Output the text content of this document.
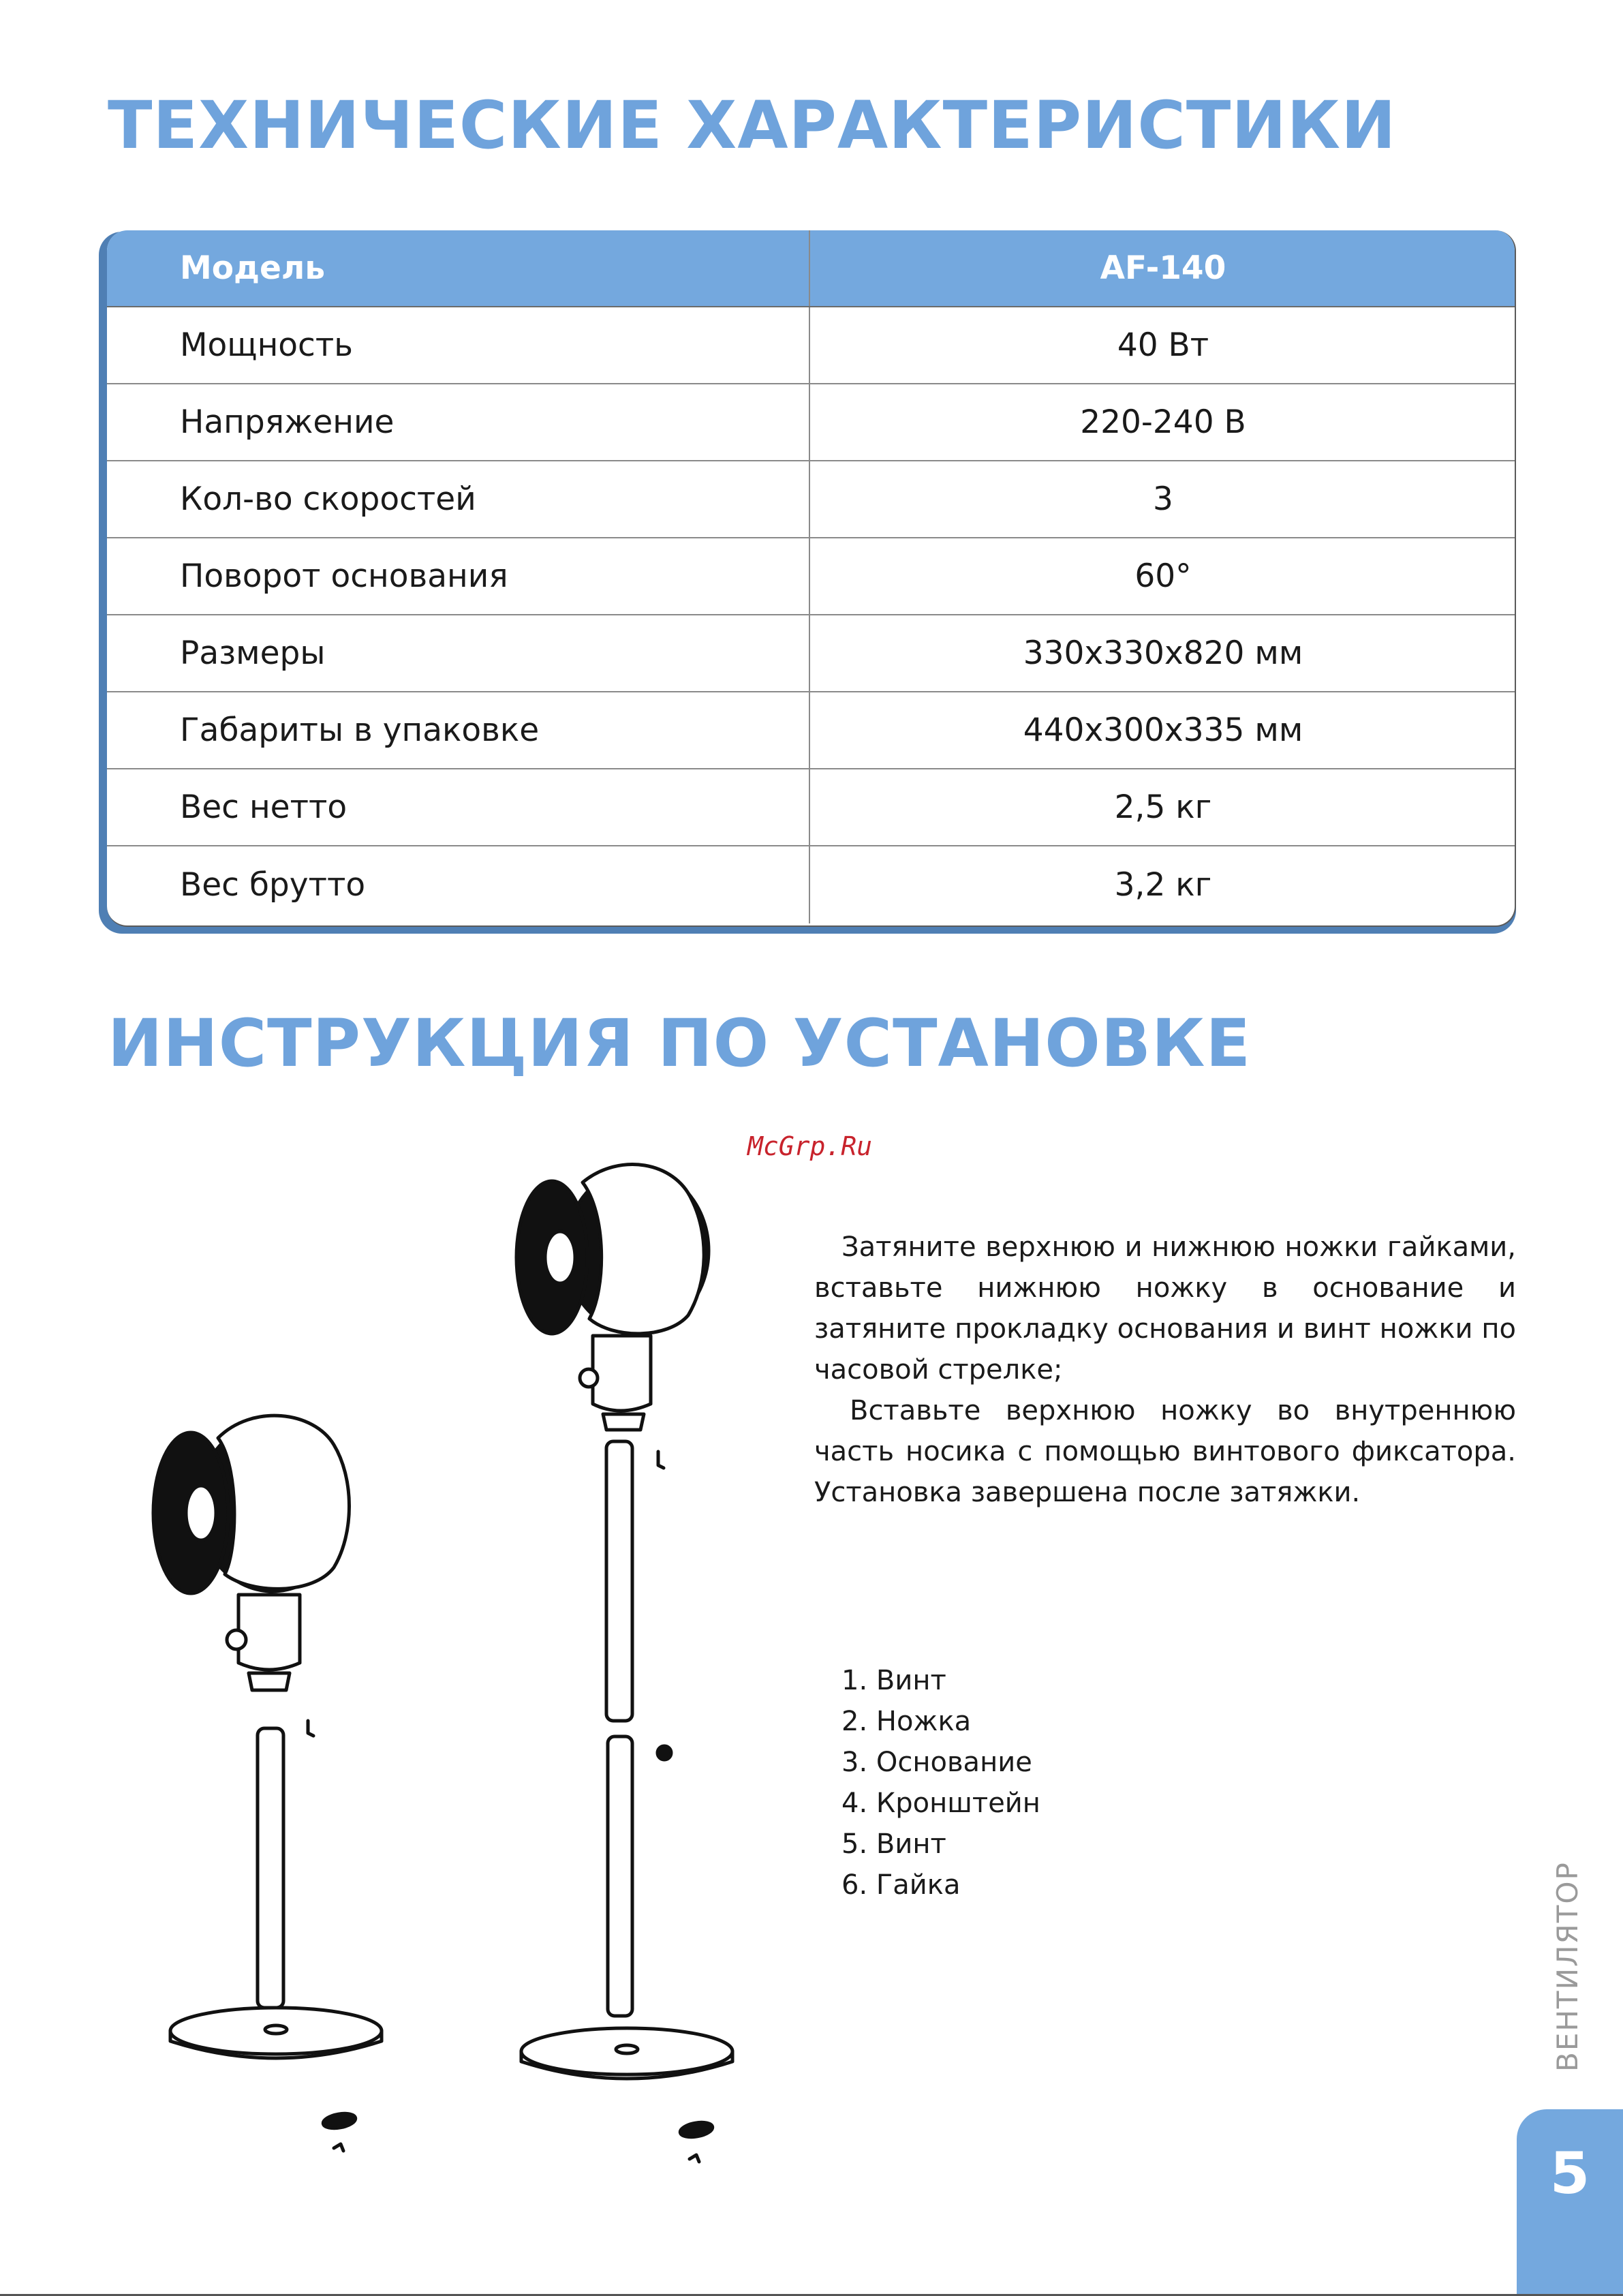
ТЕХНИЧЕСКИЕ ХАРАКТЕРИСТИКИ
Модель	AF-140
Мощность	40 Вт
Напряжение	220-240 В
Кол-во скоростей	3
Поворот основания	60°
Размеры	330х330х820 мм
Габариты в упаковке	440х300х335 мм
Вес нетто	2,5 кг
Вес брутто	3,2 кг
ИНСТРУКЦИЯ ПО УСТАНОВКЕ
McGrp.Ru

Затяните верхнюю и нижнюю ножки гайками, вставьте нижнюю ножку в основание и затяните прокладку основания и винт ножки по часовой стрелке;

Вставьте верхнюю ножку во внутреннюю часть носика с помощью винтового фиксатора. Установка завершена после затяжки.

1. Винт
2. Ножка
3. Основание
4. Кронштейн
5. Винт
6. Гайка	ВЕНТИЛЯТОР
5
